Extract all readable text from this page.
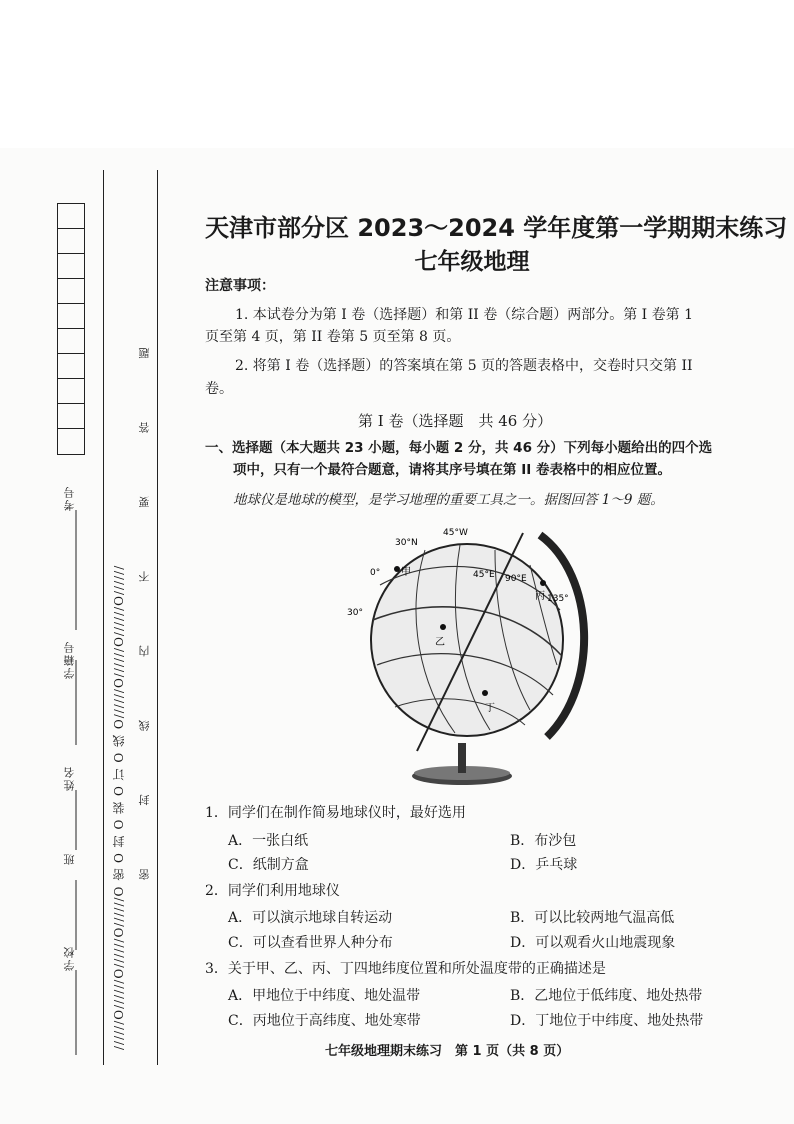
//////O//////O//////O//////O 密 O 封 O 装 O 订 O 线 O//////O//////O//////O////// 密 封 线 内 不 要 答 题
学校
班
姓名
学籍号
考号
天津市部分区 2023～2024 学年度第一学期期末练习
七年级地理
注意事项：
1. 本试卷分为第 I 卷（选择题）和第 II 卷（综合题）两部分。第 I 卷第 1
页至第 4 页，第 II 卷第 5 页至第 8 页。
2. 将第 I 卷（选择题）的答案填在第 5 页的答题表格中，交卷时只交第 II
卷。
第 I 卷（选择题　共 46 分）
一、选择题（本大题共 23 小题，每小题 2 分，共 46 分）下列每小题给出的四个选
项中，只有一个最符合题意，请将其序号填在第 II 卷表格中的相应位置。
地球仪是地球的模型，是学习地理的重要工具之一。据图回答 1～9 题。
30°N
45°W
45°E 90°E
135°
0°
30°
甲
乙
丙
丁
1．同学们在制作简易地球仪时，最好选用
A．一张白纸	B．布沙包
C．纸制方盒	D．乒乓球
2．同学们利用地球仪
A．可以演示地球自转运动	B．可以比较两地气温高低
C．可以查看世界人种分布	D．可以观看火山地震现象
3．关于甲、乙、丙、丁四地纬度位置和所处温度带的正确描述是
A．甲地位于中纬度、地处温带	B．乙地位于低纬度、地处热带
C．丙地位于高纬度、地处寒带	D．丁地位于中纬度、地处热带
七年级地理期末练习　第 1 页（共 8 页）
